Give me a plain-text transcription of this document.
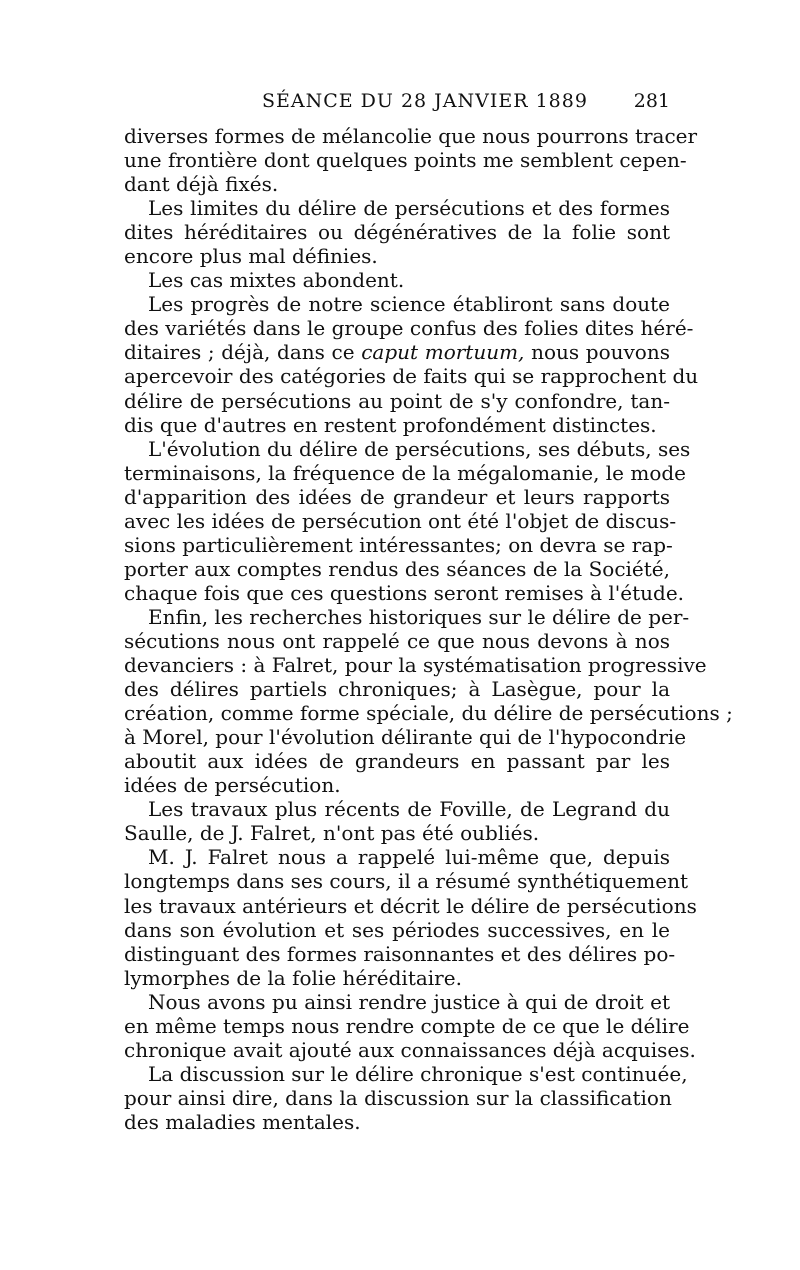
SÉANCE DU 28 JANVIER 1889 281
diverses formes de mélancolie que nous pourrons tracer
une frontière dont quelques points me semblent cepen-
dant déjà fixés.
Les limites du délire de persécutions et des formes
dites héréditaires ou dégénératives de la folie sont
encore plus mal définies.
Les cas mixtes abondent.
Les progrès de notre science établiront sans doute
des variétés dans le groupe confus des folies dites héré-
ditaires ; déjà, dans ce caput mortuum, nous pouvons
apercevoir des catégories de faits qui se rapprochent du
délire de persécutions au point de s'y confondre, tan-
dis que d'autres en restent profondément distinctes.
L'évolution du délire de persécutions, ses débuts, ses
terminaisons, la fréquence de la mégalomanie, le mode
d'apparition des idées de grandeur et leurs rapports
avec les idées de persécution ont été l'objet de discus-
sions particulièrement intéressantes; on devra se rap-
porter aux comptes rendus des séances de la Société,
chaque fois que ces questions seront remises à l'étude.
Enfin, les recherches historiques sur le délire de per-
sécutions nous ont rappelé ce que nous devons à nos
devanciers : à Falret, pour la systématisation progressive
des délires partiels chroniques; à Lasègue, pour la
création, comme forme spéciale, du délire de persécutions ;
à Morel, pour l'évolution délirante qui de l'hypocondrie
aboutit aux idées de grandeurs en passant par les
idées de persécution.
Les travaux plus récents de Foville, de Legrand du
Saulle, de J. Falret, n'ont pas été oubliés.
M. J. Falret nous a rappelé lui-même que, depuis
longtemps dans ses cours, il a résumé synthétiquement
les travaux antérieurs et décrit le délire de persécutions
dans son évolution et ses périodes successives, en le
distinguant des formes raisonnantes et des délires po-
lymorphes de la folie héréditaire.
Nous avons pu ainsi rendre justice à qui de droit et
en même temps nous rendre compte de ce que le délire
chronique avait ajouté aux connaissances déjà acquises.
La discussion sur le délire chronique s'est continuée,
pour ainsi dire, dans la discussion sur la classification
des maladies mentales.
